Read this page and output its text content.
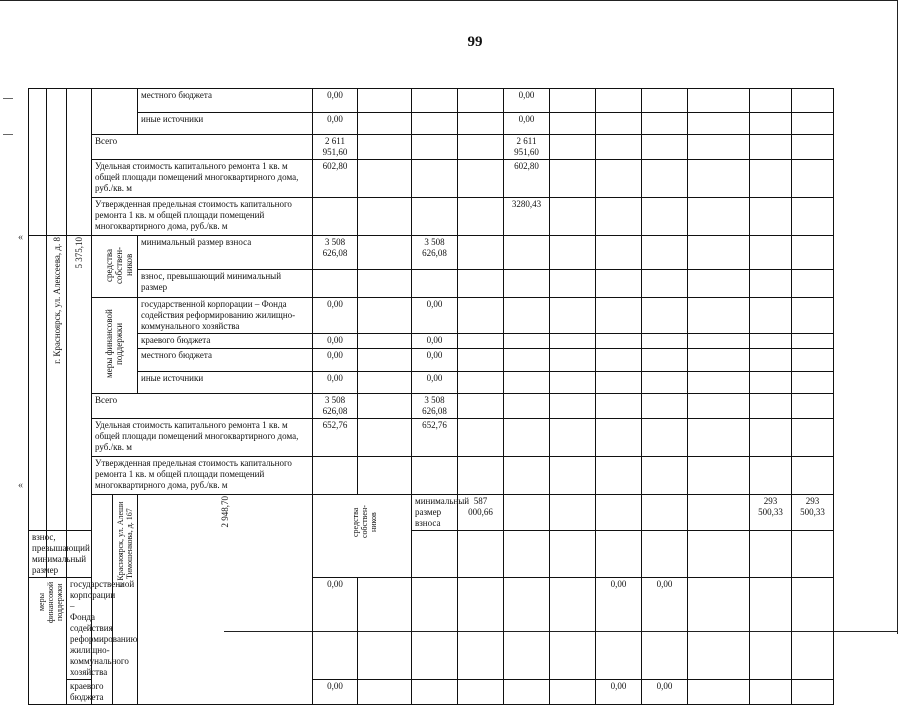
99
«
«
					местного бюджета	0,00				0,00							
					иные источники	0,00				0,00							
			Всего			2 611 951,60				2 611 951,60							
			Удельная стоимость капитального ремонта 1 кв. м общей площади помещений многоквартирного дома, руб./кв. м			602,80				602,80							
			Утвержденная предельная стоимость капитального ремонта 1 кв. м общей площади помещений многоквартирного дома, руб./кв. м							3280,43							
	г. Красноярск, ул. Алексеева, д. 8	5 375,10	средства собствен-ников		минимальный размер взноса	3 508 626,08		3 508 626,08									
					взнос, превышающий минимальный размер												
			меры финансовой поддержки		государственной корпорации – Фонда содействия реформированию жилищно-коммунального хозяйства	0,00		0,00									
					краевого бюджета	0,00		0,00									
					местного бюджета	0,00		0,00									
					иные источники	0,00		0,00									
			Всего			3 508 626,08		3 508 626,08									
			Удельная стоимость капитального ремонта 1 кв. м общей площади помещений многоквартирного дома, руб./кв. м			652,76		652,76									
			Утвержденная предельная стоимость капитального ремонта 1 кв. м общей площади помещений многоквартирного дома, руб./кв. м														
				г. Красноярск, ул. Алеши Тимошенкова, д. 167	2 948,70	средства собствен-ников		минимальный размер взноса	587 000,66						293 500,33	293 500,33			
взнос, превышающий минимальный размер																	
меры финансовой поддержки		государственной корпорации – Фонда содействия реформированию жилищно-коммунального хозяйства				0,00						0,00	0,00				
		краевого бюджета				0,00						0,00	0,00				
